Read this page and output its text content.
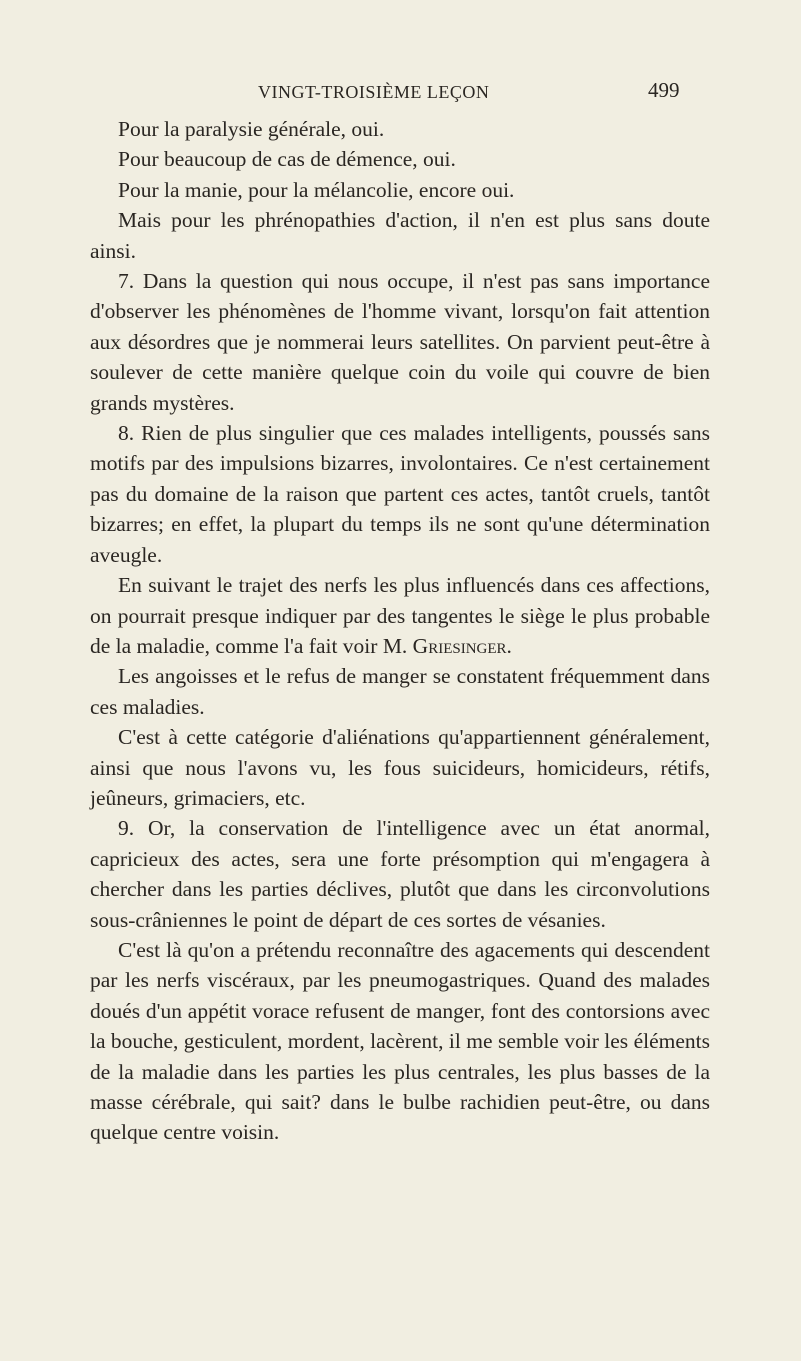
VINGT-TROISIÈME LEÇON	499

Pour la paralysie générale, oui.

Pour beaucoup de cas de démence, oui.

Pour la manie, pour la mélancolie, encore oui.

Mais pour les phrénopathies d'action, il n'en est plus sans doute ainsi.

7. Dans la question qui nous occupe, il n'est pas sans importance d'observer les phénomènes de l'homme vivant, lorsqu'on fait attention aux désordres que je nommerai leurs satellites. On parvient peut-être à soulever de cette manière quelque coin du voile qui couvre de bien grands mystères.

8. Rien de plus singulier que ces malades intelligents, poussés sans motifs par des impulsions bizarres, involontaires. Ce n'est certainement pas du domaine de la raison que partent ces actes, tantôt cruels, tantôt bizarres; en effet, la plupart du temps ils ne sont qu'une détermination aveugle.

En suivant le trajet des nerfs les plus influencés dans ces affections, on pourrait presque indiquer par des tangentes le siège le plus probable de la maladie, comme l'a fait voir M. Griesinger.

Les angoisses et le refus de manger se constatent fréquemment dans ces maladies.

C'est à cette catégorie d'aliénations qu'appartiennent généralement, ainsi que nous l'avons vu, les fous suicideurs, homicideurs, rétifs, jeûneurs, grimaciers, etc.

9. Or, la conservation de l'intelligence avec un état anormal, capricieux des actes, sera une forte présomption qui m'engagera à chercher dans les parties déclives, plutôt que dans les circonvolutions sous-crâniennes le point de départ de ces sortes de vésanies.

C'est là qu'on a prétendu reconnaître des agacements qui descendent par les nerfs viscéraux, par les pneumogastriques. Quand des malades doués d'un appétit vorace refusent de manger, font des contorsions avec la bouche, gesticulent, mordent, lacèrent, il me semble voir les éléments de la maladie dans les parties les plus centrales, les plus basses de la masse cérébrale, qui sait? dans le bulbe rachidien peut-être, ou dans quelque centre voisin.
